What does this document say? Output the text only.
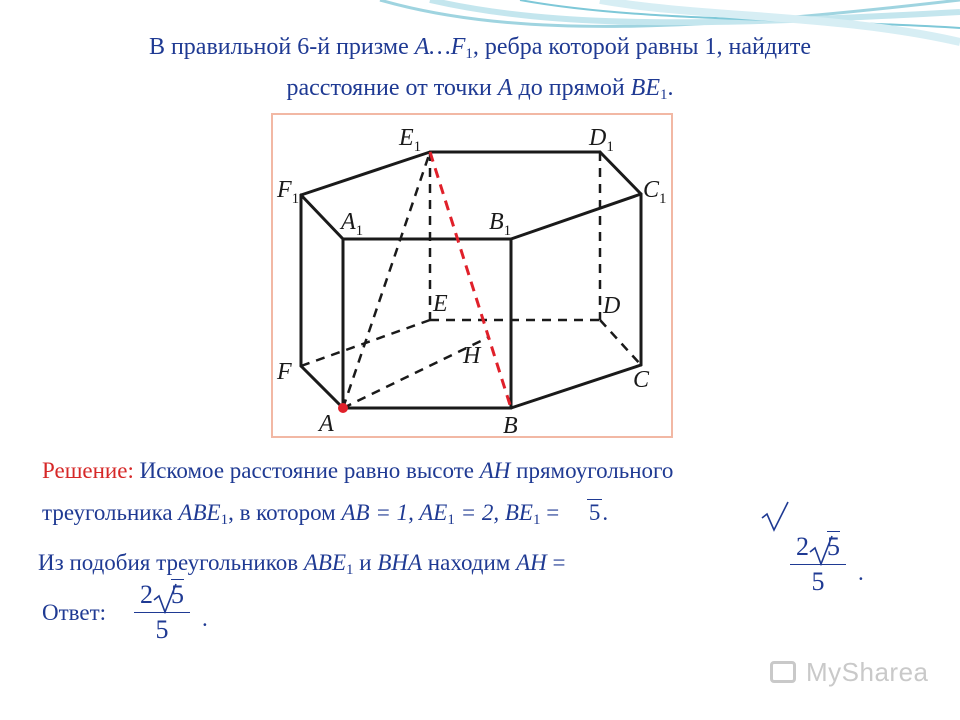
В правильной 6-й призме $A\dots F_1$, ребра которой равны 1, найдите
расстояние от точки A до прямой $BE_1$.
$E_1$	$D_1$
$F_1$	$C_1$
$A_1$	$B_1$
E	D
H
F	C
A	B
Решение: Искомое расстояние равно высоте AH прямоугольного
треугольника $ABE_1$, в котором AB = 1, $AE_1 = 2$, $BE_1 = 5$.
Из подобия треугольников $ABE_1$ и BHA находим AH =	$\frac{2 5}{5}$ .
Ответ: $\frac{2 5}{5}$ .
MySharea
